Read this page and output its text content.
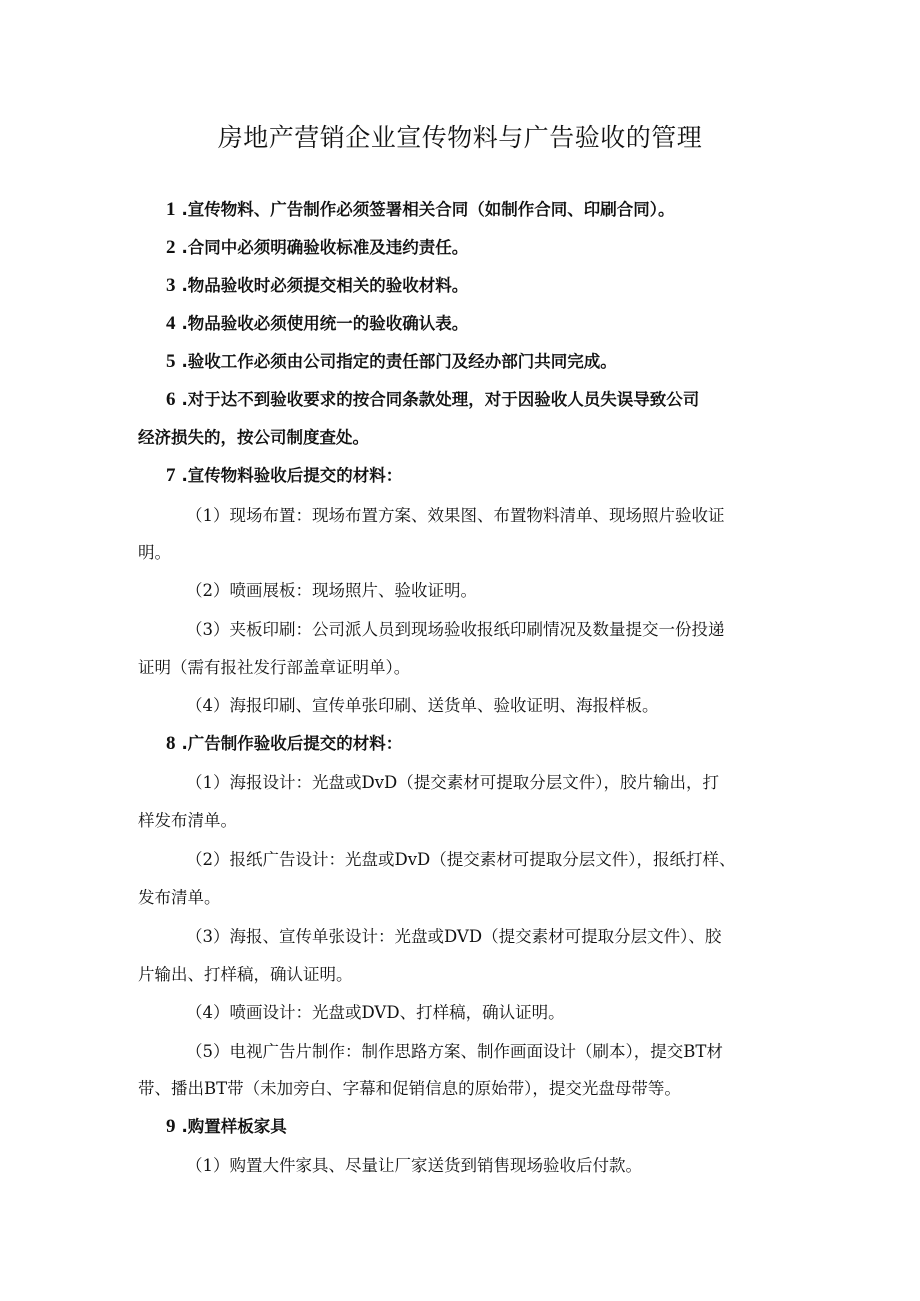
房地产营销企业宣传物料与广告验收的管理
1 .宣传物料、广告制作必须签署相关合同（如制作合同、印刷合同）。
2 .合同中必须明确验收标准及违约责任。
3 .物品验收时必须提交相关的验收材料。
4 .物品验收必须使用统一的验收确认表。
5 .验收工作必须由公司指定的责任部门及经办部门共同完成。
6 .对于达不到验收要求的按合同条款处理，对于因验收人员失误导致公司
经济损失的，按公司制度查处。
7 .宣传物料验收后提交的材料：
（1）现场布置：现场布置方案、效果图、布置物料清单、现场照片验收证
明。
（2）喷画展板：现场照片、验收证明。
（3）夹板印刷：公司派人员到现场验收报纸印刷情况及数量提交一份投递
证明（需有报社发行部盖章证明单）。
（4）海报印刷、宣传单张印刷、送货单、验收证明、海报样板。
8 .广告制作验收后提交的材料：
（1）海报设计：光盘或DvD（提交素材可提取分层文件），胶片输出，打
样发布清单。
（2）报纸广告设计：光盘或DvD（提交素材可提取分层文件），报纸打样、
发布清单。
（3）海报、宣传单张设计：光盘或DVD（提交素材可提取分层文件）、胶
片输出、打样稿，确认证明。
（4）喷画设计：光盘或DVD、打样稿，确认证明。
（5）电视广告片制作：制作思路方案、制作画面设计（刷本），提交BT材
带、播出BT带（未加旁白、字幕和促销信息的原始带），提交光盘母带等。
9 .购置样板家具
（1）购置大件家具、尽量让厂家送货到销售现场验收后付款。
